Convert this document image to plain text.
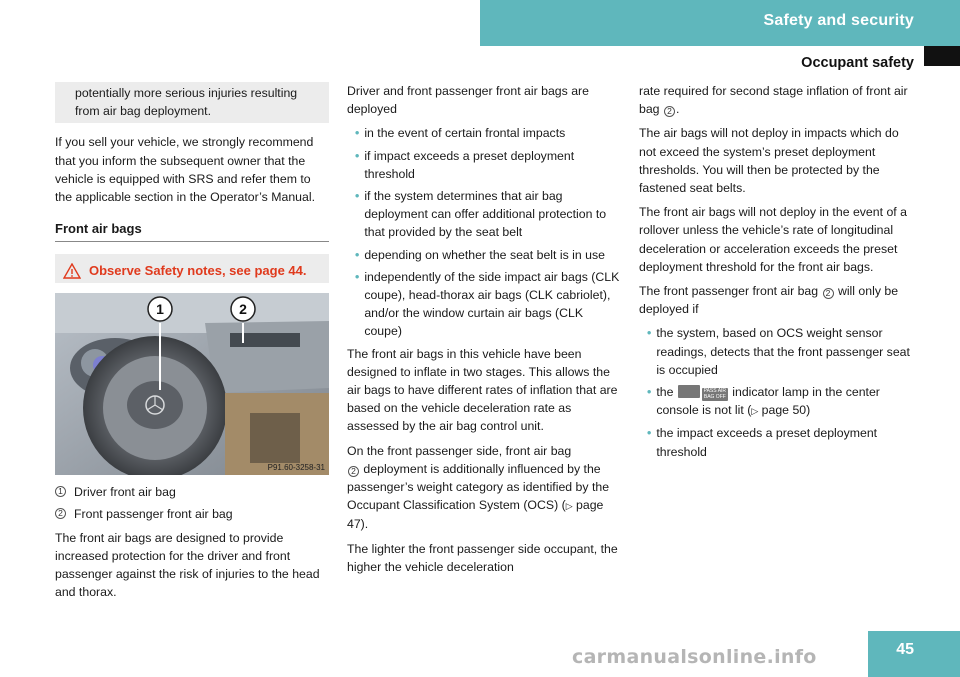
Safety and security
Occupant safety
potentially more serious injuries resulting from air bag deployment.

If you sell your vehicle, we strongly recommend that you inform the subsequent owner that the vehicle is equipped with SRS and refer them to the applicable section in the Operator’s Manual.

Front air bags
Observe Safety notes, see page 44.
1	2
P91.60-3258-31
1 Driver front air bag
2 Front passenger front air bag

The front air bags are designed to provide increased protection for the driver and front passenger against the risk of injuries to the head and thorax.

Driver and front passenger front air bags are deployed

• in the event of certain frontal impacts
• if impact exceeds a preset deployment threshold
• if the system determines that air bag deployment can offer additional protection to that provided by the seat belt
• depending on whether the seat belt is in use
• independently of the side impact air bags (CLK coupe), head-thorax air bags (CLK cabriolet), and/or the window curtain air bags (CLK coupe)

The front air bags in this vehicle have been designed to inflate in two stages. This allows the air bags to have different rates of inflation that are based on the vehicle deceleration rate as assessed by the air bag control unit.

On the front passenger side, front air bag
2 deployment is additionally influenced by the passenger’s weight category as identified by the Occupant Classification System (OCS) (▷ page 47).

The lighter the front passenger side occupant, the higher the vehicle deceleration

rate required for second stage inflation of front air bag 2 .

The air bags will not deploy in impacts which do not exceed the system’s preset deployment thresholds. You will then be protected by the fastened seat belts.

The front air bags will not deploy in the event of a rollover unless the vehicle’s rate of longitudinal deceleration or acceleration exceeds the preset deployment threshold for the front air bags.

The front passenger front air bag 2 will only be deployed if

• the system, based on OCS weight sensor readings, detects that the front passenger seat is occupied
• the	PASS AIR BAG OFF indicator lamp in the center console is not lit (▷ page 50)
• the impact exceeds a preset deployment threshold
45
carmanualsonline.info
